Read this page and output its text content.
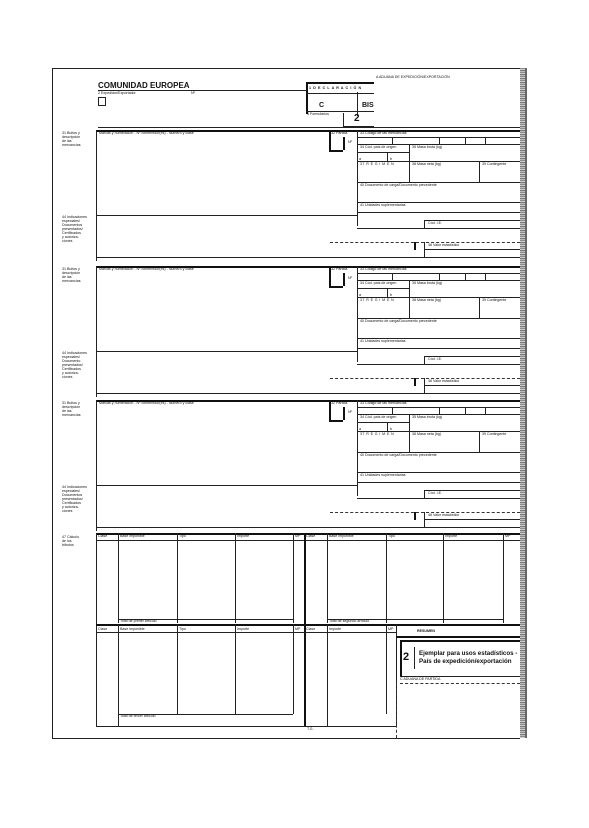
A ADUANA DE EXPEDICIÓN/EXPORTACIÓN
COMUNIDAD EUROPEA
2 Expedidor/Exportador	Nº
1 D E C L A R A C I Ó N
C	BIS
3 Formularios	2
31 Bultos y
descripción
de las
mercancías
Marcas y numeración - Nº contenedor(es) - Número y clase	32 Partida
Nº
33 Código de las mercancías
34 Cód. país de origen	35 Masa bruta (kg)
a	b
37 R É G I M E N	38 Masa neta (kg)	39 Contingente
40 Documento de carga/Documento precedente
41 Unidades suplementarias
44 Indicaciones
especiales/
Documentos
presentados/
Certificados
y autoriza-
ciones
Cód. I.E.
46 Valor estadístico
31 Bultos y
descripción
de las
mercancías
Marcas y numeración - Nº contenedor(es) - Número y clase	32 Partida
Nº
33 Código de las mercancías
34 Cód. país de origen	35 Masa bruta (kg)
a	b
37 R É G I M E N	38 Masa neta (kg)	39 Contingente
40 Documento de carga/Documento precedente
41 Unidades suplementarias
44 Indicaciones
especiales/
Documento
presentados/
Certificados
y autoriza-
ciones
Cód. I.E.
46 Valor estadístico
31 Bultos y
descripción
de las
mercancías
Marcas y numeración - Nº contenedor(es) - Número y clase	32 Partida
Nº
33 Código de las mercancías
34 Cód. país de origen	35 Masa bruta (kg)
a	b
37 R É G I M E N	38 Masa neta (kg)	39 Contingente
40 Documento de carga/Documento precedente
41 Unidades suplementarias
44 Indicaciones
especiales/
Documentos
presentados/
Certificados
y autoriza-
ciones
Cód. I.E.
46 Valor estadístico
47 Cálculo
de los
tributos
Clase	Base imponible	Tipo	Importe	MP Clase	Base imponible	Tipo	Importe	MP
Total de primer artículo	Total de segundo artículo
Clase	Base imponible	Tipo	Importe	MP Clase	Importe	MP	RESUMEN
2 Ejemplar para usos estadísticos -
País de expedición/exportación
C ADUANA DE PARTIDA
Total de tercer artículo
T.G.
